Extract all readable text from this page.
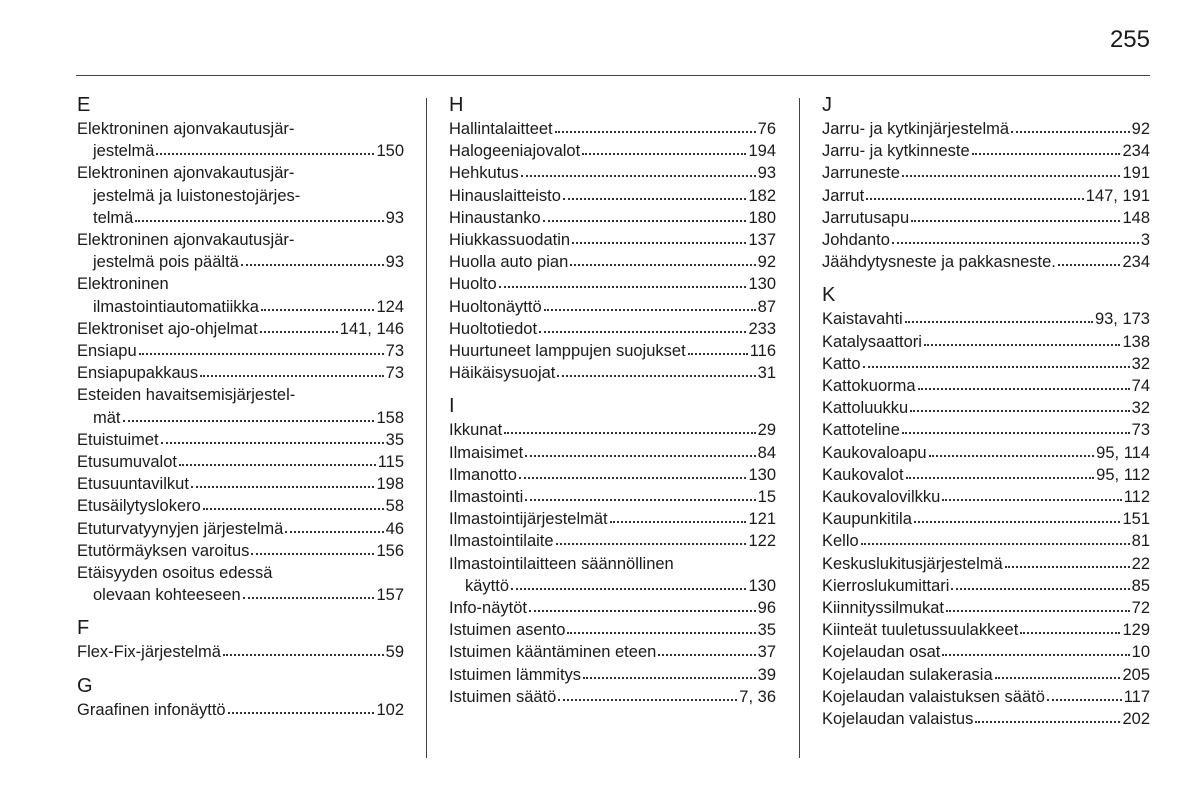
255
E
Elektroninen ajonvakautusjär-
jestelmä	150
Elektroninen ajonvakautusjär-
jestelmä ja luistonestojärjes-
telmä	93
Elektroninen ajonvakautusjär-
jestelmä pois päältä	93
Elektroninen
ilmastointiautomatiikka	124
Elektroniset ajo-ohjelmat	141, 146
Ensiapu	73
Ensiapupakkaus	73
Esteiden havaitsemisjärjestel-
mät	158
Etuistuimet	35
Etusumuvalot	115
Etusuuntavilkut	198
Etusäilytyslokero	58
Etuturvatyynyjen järjestelmä	46
Etutörmäyksen varoitus	156
Etäisyyden osoitus edessä
olevaan kohteeseen	157
F
Flex-Fix-järjestelmä	59
G
Graafinen infonäyttö	102
H
Hallintalaitteet	76
Halogeeniajovalot	194
Hehkutus	93
Hinauslaitteisto	182
Hinaustanko	180
Hiukkassuodatin	137
Huolla auto pian	92
Huolto	130
Huoltonäyttö	87
Huoltotiedot	233
Huurtuneet lamppujen suojukset	116
Häikäisysuojat	31
I
Ikkunat	29
Ilmaisimet	84
Ilmanotto	130
Ilmastointi	15
Ilmastointijärjestelmät	121
Ilmastointilaite	122
Ilmastointilaitteen säännöllinen
käyttö	130
Info-näytöt	96
Istuimen asento	35
Istuimen kääntäminen eteen	37
Istuimen lämmitys	39
Istuimen säätö	7, 36
J
Jarru- ja kytkinjärjestelmä	92
Jarru- ja kytkinneste	234
Jarruneste	191
Jarrut	147, 191
Jarrutusapu	148
Johdanto	3
Jäähdytysneste ja pakkasneste.	234
K
Kaistavahti	93, 173
Katalysaattori	138
Katto	32
Kattokuorma	74
Kattoluukku	32
Kattoteline	73
Kaukovaloapu	95, 114
Kaukovalot	95, 112
Kaukovalovilkku	112
Kaupunkitila	151
Kello	81
Keskuslukitusjärjestelmä	22
Kierroslukumittari	85
Kiinnityssilmukat	72
Kiinteät tuuletussuulakkeet	129
Kojelaudan osat	10
Kojelaudan sulakerasia	205
Kojelaudan valaistuksen säätö	117
Kojelaudan valaistus	202
